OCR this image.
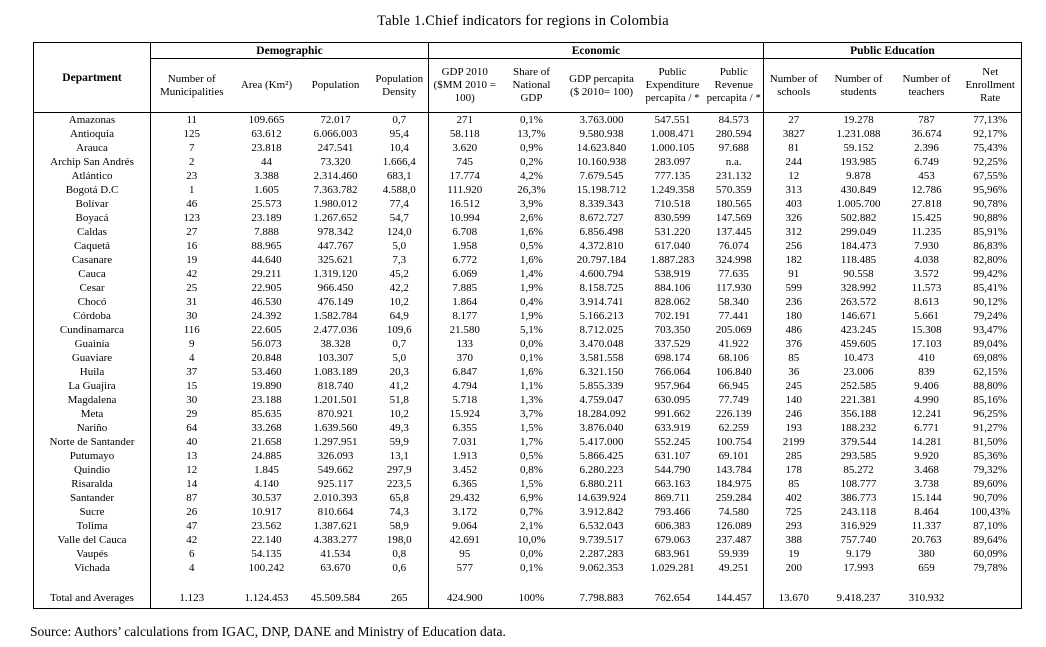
Table 1.Chief indicators for regions in Colombia
Department	Demographic				Economic					Public Education			
	Number of Municipalities	Area (Km²)	Population	Population Density	GDP 2010 ($MM 2010 = 100)	Share of National GDP	GDP percapita ($ 2010= 100)	Public Expenditure percapita / *	Public Revenue percapita / *	Number of schools	Number of students	Number of teachers	Net Enrollment Rate
Amazonas	11	109.665	72.017	0,7	271	0,1%	3.763.000	547.551	84.573	27	19.278	787	77,13%
Antioquia	125	63.612	6.066.003	95,4	58.118	13,7%	9.580.938	1.008.471	280.594	3827	1.231.088	36.674	92,17%
Arauca	7	23.818	247.541	10,4	3.620	0,9%	14.623.840	1.000.105	97.688	81	59.152	2.396	75,43%
Archip San Andrés	2	44	73.320	1.666,4	745	0,2%	10.160.938	283.097	n.a.	244	193.985	6.749	92,25%
Atlántico	23	3.388	2.314.460	683,1	17.774	4,2%	7.679.545	777.135	231.132	12	9.878	453	67,55%
Bogotá D.C	1	1.605	7.363.782	4.588,0	111.920	26,3%	15.198.712	1.249.358	570.359	313	430.849	12.786	95,96%
Bolívar	46	25.573	1.980.012	77,4	16.512	3,9%	8.339.343	710.518	180.565	403	1.005.700	27.818	90,78%
Boyacá	123	23.189	1.267.652	54,7	10.994	2,6%	8.672.727	830.599	147.569	326	502.882	15.425	90,88%
Caldas	27	7.888	978.342	124,0	6.708	1,6%	6.856.498	531.220	137.445	312	299.049	11.235	85,91%
Caquetá	16	88.965	447.767	5,0	1.958	0,5%	4.372.810	617.040	76.074	256	184.473	7.930	86,83%
Casanare	19	44.640	325.621	7,3	6.772	1,6%	20.797.184	1.887.283	324.998	182	118.485	4.038	82,80%
Cauca	42	29.211	1.319.120	45,2	6.069	1,4%	4.600.794	538.919	77.635	91	90.558	3.572	99,42%
Cesar	25	22.905	966.450	42,2	7.885	1,9%	8.158.725	884.106	117.930	599	328.992	11.573	85,41%
Chocó	31	46.530	476.149	10,2	1.864	0,4%	3.914.741	828.062	58.340	236	263.572	8.613	90,12%
Córdoba	30	24.392	1.582.784	64,9	8.177	1,9%	5.166.213	702.191	77.441	180	146.671	5.661	79,24%
Cundinamarca	116	22.605	2.477.036	109,6	21.580	5,1%	8.712.025	703.350	205.069	486	423.245	15.308	93,47%
Guainía	9	56.073	38.328	0,7	133	0,0%	3.470.048	337.529	41.922	376	459.605	17.103	89,04%
Guaviare	4	20.848	103.307	5,0	370	0,1%	3.581.558	698.174	68.106	85	10.473	410	69,08%
Huila	37	53.460	1.083.189	20,3	6.847	1,6%	6.321.150	766.064	106.840	36	23.006	839	62,15%
La Guajira	15	19.890	818.740	41,2	4.794	1,1%	5.855.339	957.964	66.945	245	252.585	9.406	88,80%
Magdalena	30	23.188	1.201.501	51,8	5.718	1,3%	4.759.047	630.095	77.749	140	221.381	4.990	85,16%
Meta	29	85.635	870.921	10,2	15.924	3,7%	18.284.092	991.662	226.139	246	356.188	12.241	96,25%
Nariño	64	33.268	1.639.560	49,3	6.355	1,5%	3.876.040	633.919	62.259	193	188.232	6.771	91,27%
Norte de Santander	40	21.658	1.297.951	59,9	7.031	1,7%	5.417.000	552.245	100.754	2199	379.544	14.281	81,50%
Putumayo	13	24.885	326.093	13,1	1.913	0,5%	5.866.425	631.107	69.101	285	293.585	9.920	85,36%
Quindio	12	1.845	549.662	297,9	3.452	0,8%	6.280.223	544.790	143.784	178	85.272	3.468	79,32%
Risaralda	14	4.140	925.117	223,5	6.365	1,5%	6.880.211	663.163	184.975	85	108.777	3.738	89,60%
Santander	87	30.537	2.010.393	65,8	29.432	6,9%	14.639.924	869.711	259.284	402	386.773	15.144	90,70%
Sucre	26	10.917	810.664	74,3	3.172	0,7%	3.912.842	793.466	74.580	725	243.118	8.464	100,43%
Tolima	47	23.562	1.387.621	58,9	9.064	2,1%	6.532.043	606.383	126.089	293	316.929	11.337	87,10%
Valle del Cauca	42	22.140	4.383.277	198,0	42.691	10,0%	9.739.517	679.063	237.487	388	757.740	20.763	89,64%
Vaupés	6	54.135	41.534	0,8	95	0,0%	2.287.283	683.961	59.939	19	9.179	380	60,09%
Vichada	4	100.242	63.670	0,6	577	0,1%	9.062.353	1.029.281	49.251	200	17.993	659	79,78%

Total and Averages	1.123	1.124.453	45.509.584	265	424.900	100%	7.798.883	762.654	144.457	13.670	9.418.237	310.932	
Source: Authors’ calculations from IGAC, DNP, DANE and Ministry of Education data.
